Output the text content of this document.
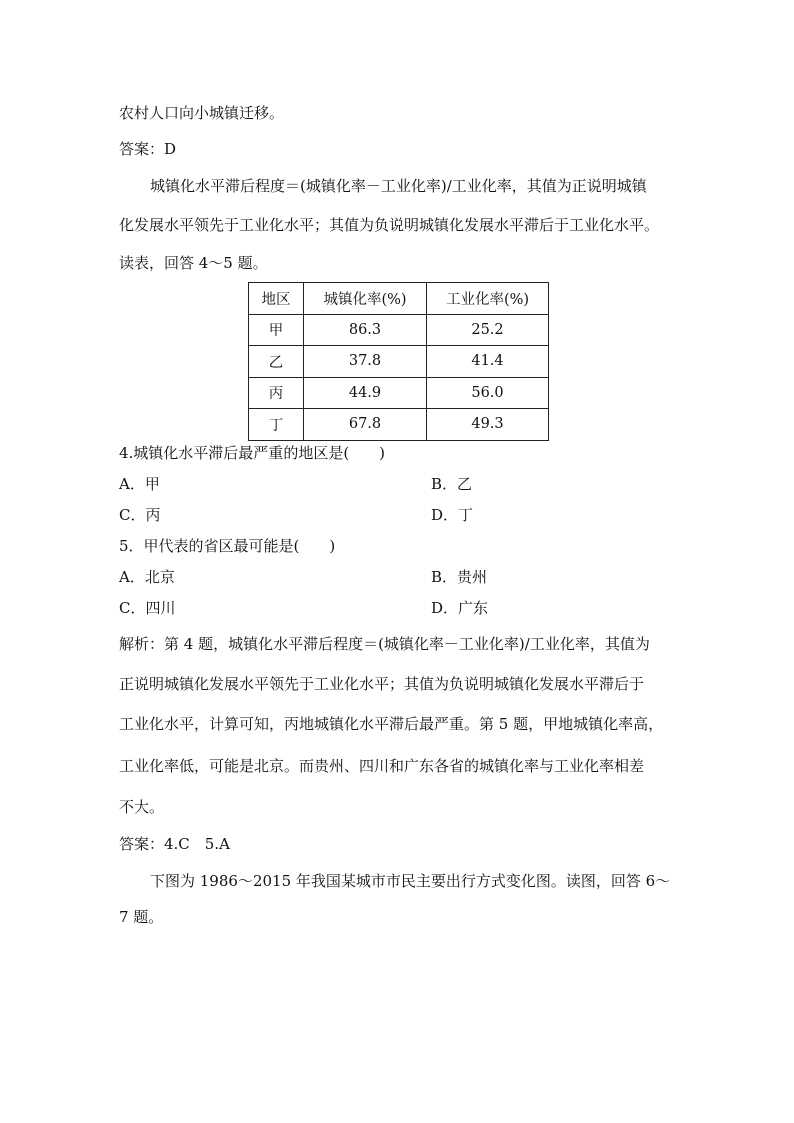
农村人口向小城镇迁移。
答案：D
城镇化水平滞后程度＝(城镇化率－工业化率)/工业化率，其值为正说明城镇
化发展水平领先于工业化水平；其值为负说明城镇化发展水平滞后于工业化水平。
读表，回答 4～5 题。
地区	城镇化率(%)	工业化率(%)
甲	86.3	25.2
乙	37.8	41.4
丙	44.9	56.0
丁	67.8	49.3
4.城镇化水平滞后最严重的地区是(　　)
A．甲	B．乙
C．丙	D．丁
5．甲代表的省区最可能是(　　)
A．北京	B．贵州
C．四川	D．广东
解析：第 4 题，城镇化水平滞后程度＝(城镇化率－工业化率)/工业化率，其值为
正说明城镇化发展水平领先于工业化水平；其值为负说明城镇化发展水平滞后于
工业化水平，计算可知，丙地城镇化水平滞后最严重。第 5 题，甲地城镇化率高，
工业化率低，可能是北京。而贵州、四川和广东各省的城镇化率与工业化率相差
不大。
答案：4.C　5.A
下图为 1986～2015 年我国某城市市民主要出行方式变化图。读图，回答 6～
7 题。
